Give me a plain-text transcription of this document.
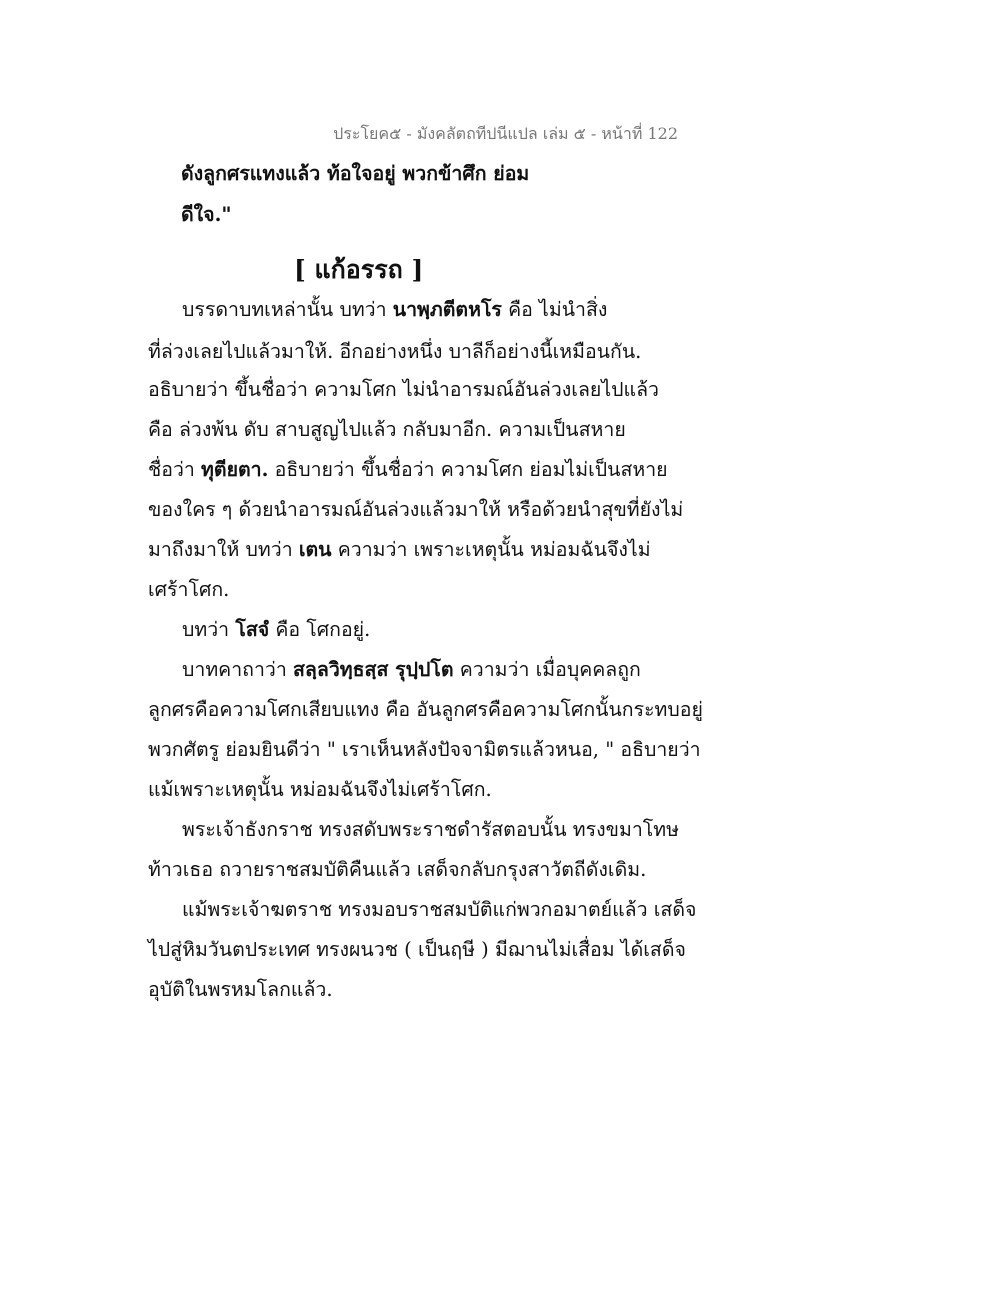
ประโยค๕ - มังคลัตถทีปนีแปล เล่ม ๕ - หน้าที่ 122
ดังลูกศรแทงแล้ว ท้อใจอยู่ พวกข้าศึก ย่อม
ดีใจ."
[ แก้อรรถ ]
บรรดาบทเหล่านั้น บทว่า นาพฺภตีตหโร คือ ไม่นำสิ่ง
ที่ล่วงเลยไปแล้วมาให้. อีกอย่างหนึ่ง บาลีก็อย่างนี้เหมือนกัน.
อธิบายว่า ขึ้นชื่อว่า ความโศก ไม่นำอารมณ์อันล่วงเลยไปแล้ว
คือ ล่วงพ้น ดับ สาบสูญไปแล้ว กลับมาอีก. ความเป็นสหาย
ชื่อว่า ทุตียตา. อธิบายว่า ขึ้นชื่อว่า ความโศก ย่อมไม่เป็นสหาย
ของใคร ๆ ด้วยนำอารมณ์อันล่วงแล้วมาให้ หรือด้วยนำสุขที่ยังไม่
มาถึงมาให้ บทว่า เตน ความว่า เพราะเหตุนั้น หม่อมฉันจึงไม่
เศร้าโศก.
บทว่า โสจํ คือ โศกอยู่.
บาทคาถาว่า สลฺลวิทฺธสฺส รุปฺปโต ความว่า เมื่อบุคคลถูก
ลูกศรคือความโศกเสียบแทง คือ อันลูกศรคือความโศกนั้นกระทบอยู่
พวกศัตรู ย่อมยินดีว่า " เราเห็นหลังปัจจามิตรแล้วหนอ, " อธิบายว่า
แม้เพราะเหตุนั้น หม่อมฉันจึงไม่เศร้าโศก.
พระเจ้าธังกราช ทรงสดับพระราชดำรัสตอบนั้น ทรงขมาโทษ
ท้าวเธอ ถวายราชสมบัติคืนแล้ว เสด็จกลับกรุงสาวัตถีดังเดิม.
แม้พระเจ้าฆตราช ทรงมอบราชสมบัติแก่พวกอมาตย์แล้ว เสด็จ
ไปสู่หิมวันตประเทศ ทรงผนวช ( เป็นฤษี ) มีฌานไม่เสื่อม ได้เสด็จ
อุบัติในพรหมโลกแล้ว.
